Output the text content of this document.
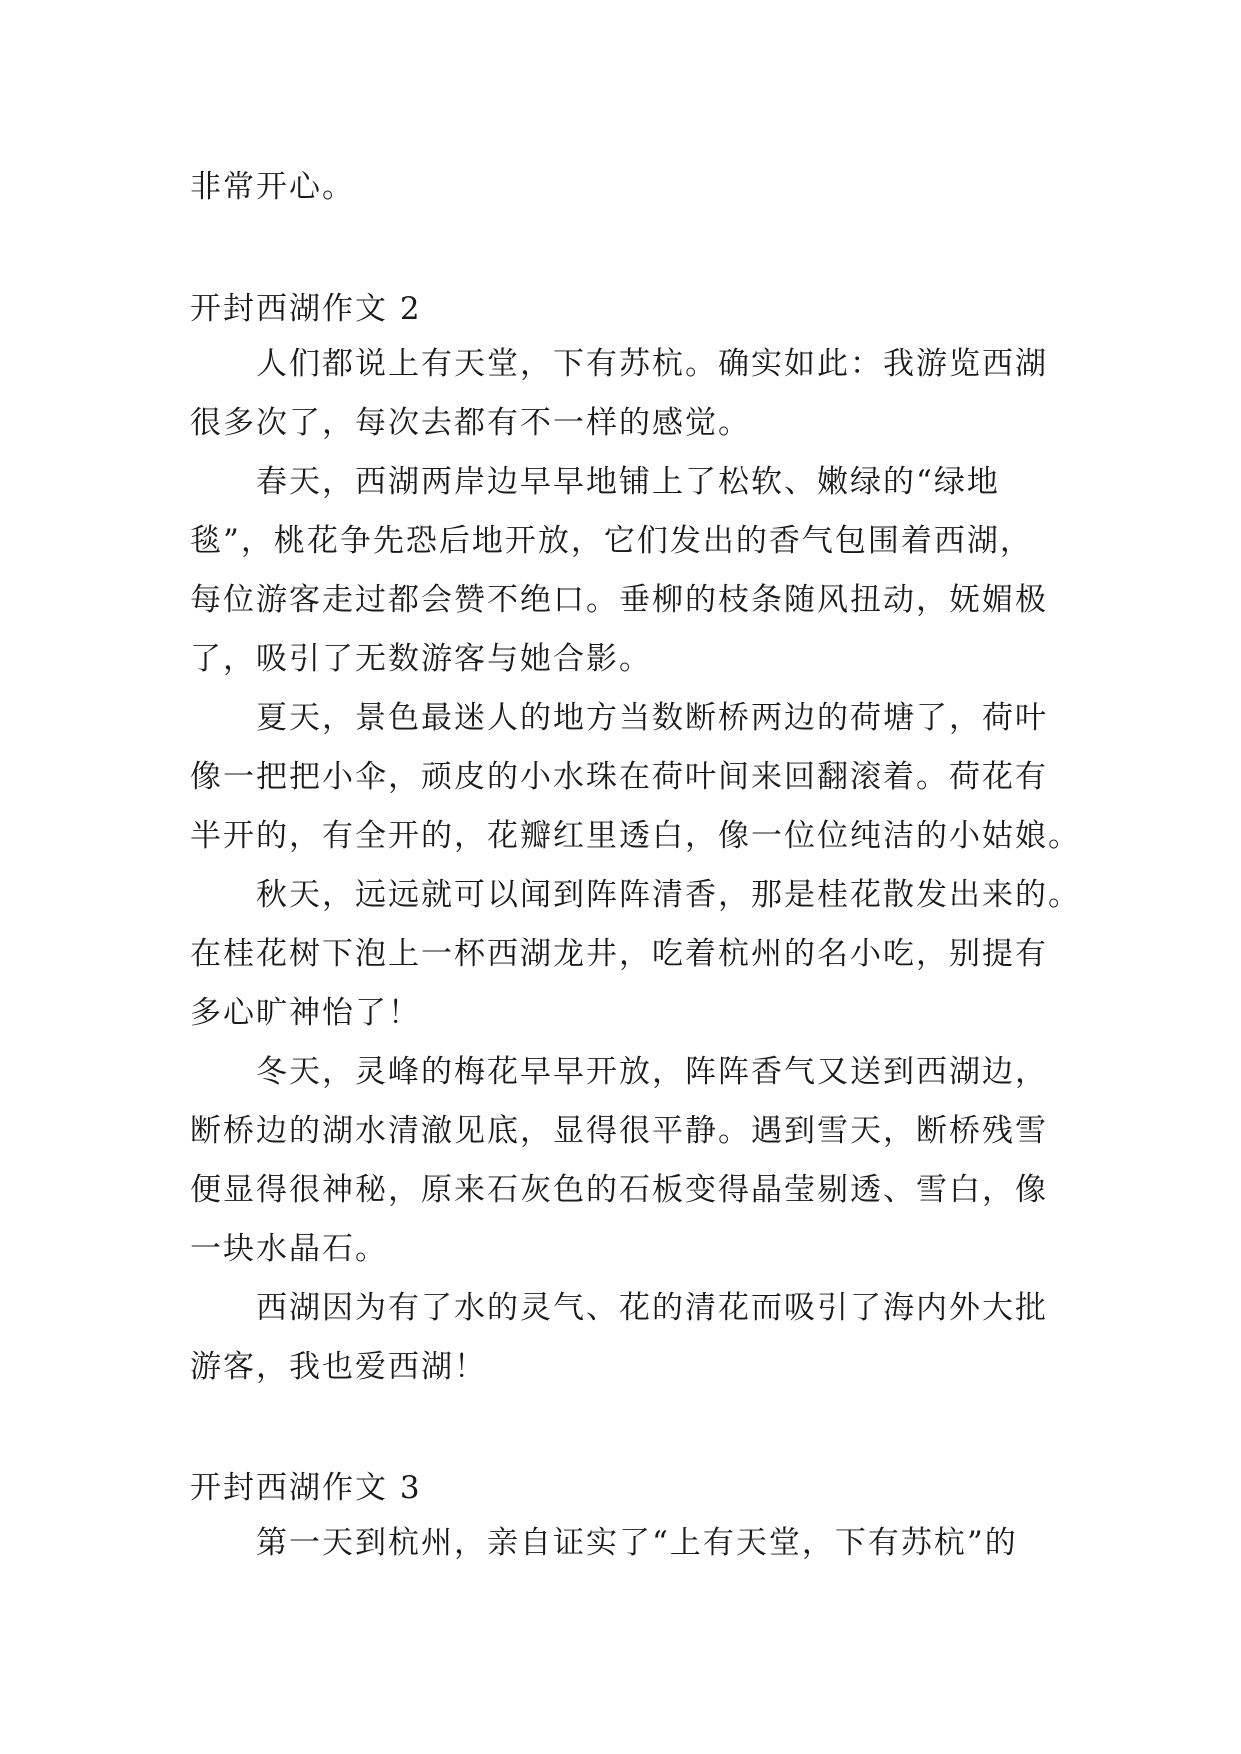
非常开心。
开封西湖作文 2
人们都说上有天堂，下有苏杭。确实如此：我游览西湖
很多次了，每次去都有不一样的感觉。
春天，西湖两岸边早早地铺上了松软、嫩绿的“绿地
毯”，桃花争先恐后地开放，它们发出的香气包围着西湖，
每位游客走过都会赞不绝口。垂柳的枝条随风扭动，妩媚极
了，吸引了无数游客与她合影。
夏天，景色最迷人的地方当数断桥两边的荷塘了，荷叶
像一把把小伞，顽皮的小水珠在荷叶间来回翻滚着。荷花有
半开的，有全开的，花瓣红里透白，像一位位纯洁的小姑娘。
秋天，远远就可以闻到阵阵清香，那是桂花散发出来的。
在桂花树下泡上一杯西湖龙井，吃着杭州的名小吃，别提有
多心旷神怡了！
冬天，灵峰的梅花早早开放，阵阵香气又送到西湖边，
断桥边的湖水清澈见底，显得很平静。遇到雪天，断桥残雪
便显得很神秘，原来石灰色的石板变得晶莹剔透、雪白，像
一块水晶石。
西湖因为有了水的灵气、花的清花而吸引了海内外大批
游客，我也爱西湖！
开封西湖作文 3
第一天到杭州，亲自证实了“上有天堂，下有苏杭”的
